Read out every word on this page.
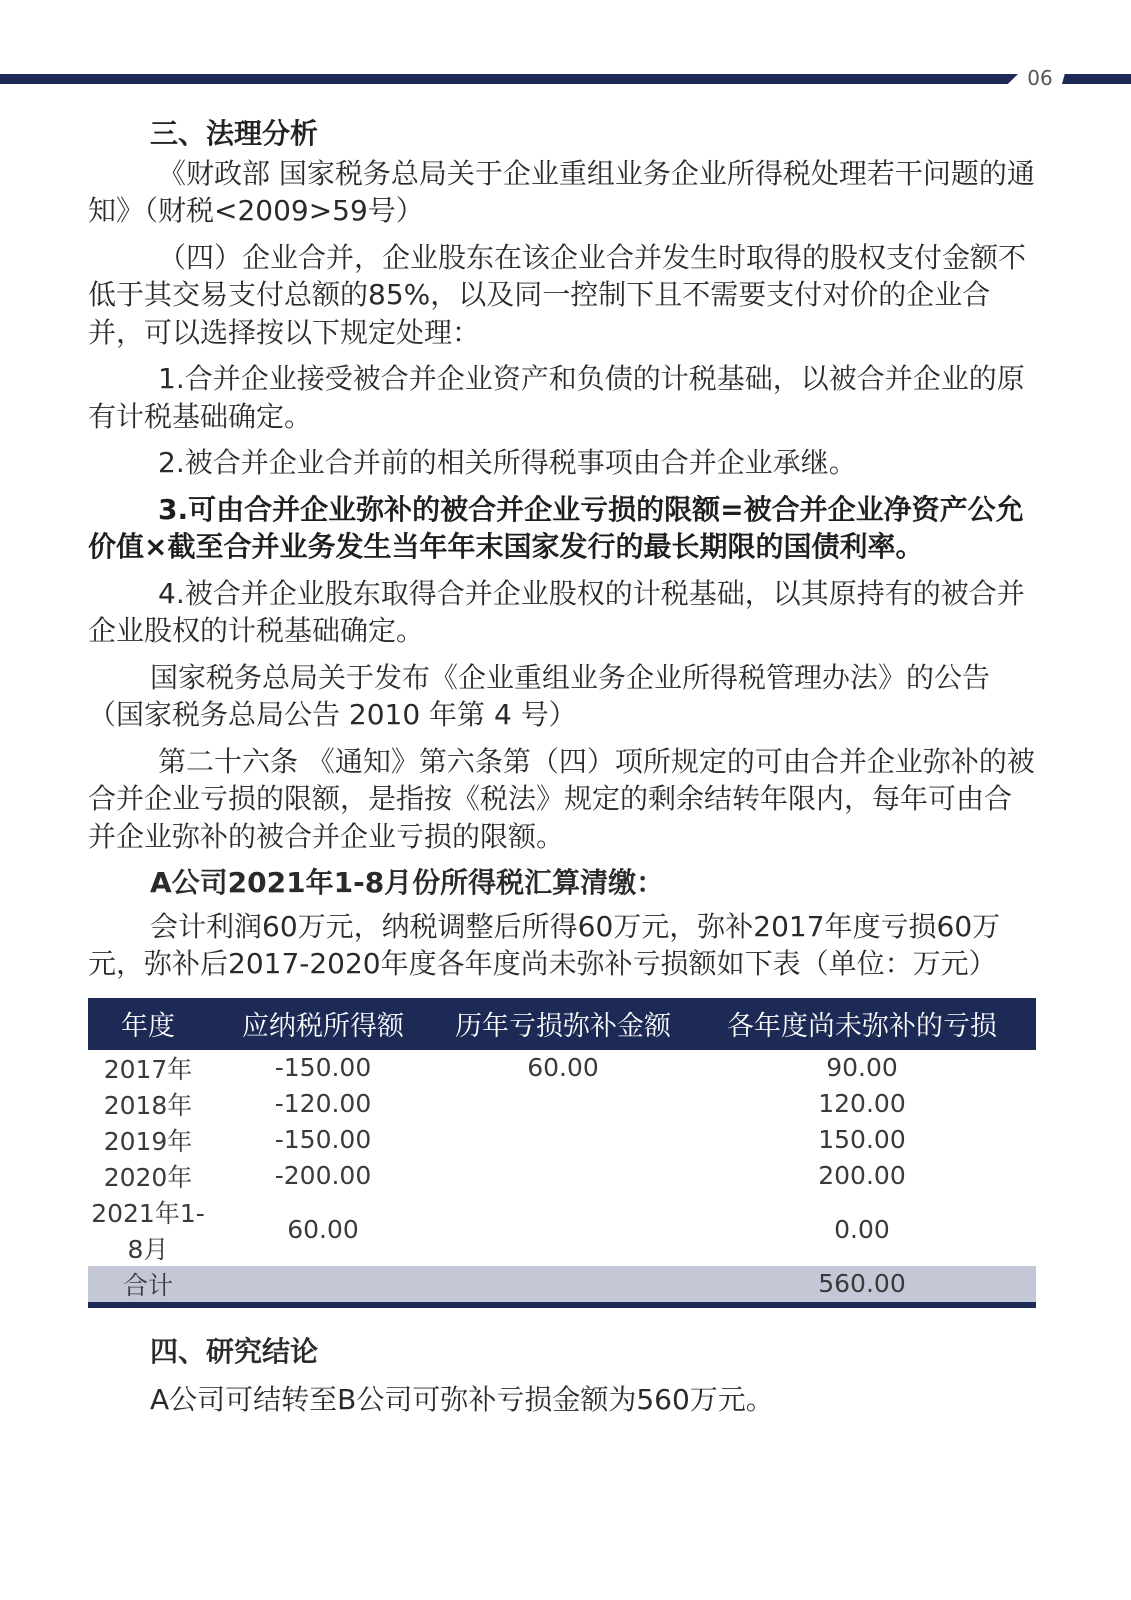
06

三、法理分析

《财政部 国家税务总局关于企业重组业务企业所得税处理若干问题的通知》（财税<2009>59号）

（四）企业合并，企业股东在该企业合并发生时取得的股权支付金额不低于其交易支付总额的85%，以及同一控制下且不需要支付对价的企业合并，可以选择按以下规定处理：

1.合并企业接受被合并企业资产和负债的计税基础，以被合并企业的原有计税基础确定。

2.被合并企业合并前的相关所得税事项由合并企业承继。

3.可由合并企业弥补的被合并企业亏损的限额=被合并企业净资产公允价值×截至合并业务发生当年年末国家发行的最长期限的国债利率。

4.被合并企业股东取得合并企业股权的计税基础，以其原持有的被合并企业股权的计税基础确定。

国家税务总局关于发布《企业重组业务企业所得税管理办法》的公告（国家税务总局公告 2010 年第 4 号）

第二十六条 《通知》第六条第（四）项所规定的可由合并企业弥补的被合并企业亏损的限额，是指按《税法》规定的剩余结转年限内，每年可由合并企业弥补的被合并企业亏损的限额。

A公司2021年1-8月份所得税汇算清缴：

会计利润60万元，纳税调整后所得60万元，弥补2017年度亏损60万元，弥补后2017-2020年度各年度尚未弥补亏损额如下表（单位：万元）

年度	应纳税所得额	历年亏损弥补金额	各年度尚未弥补的亏损
2017年	-150.00	60.00	90.00
2018年	-120.00		120.00
2019年	-150.00		150.00
2020年	-200.00		200.00
2021年1-8月	60.00		0.00
合计			560.00

四、研究结论

A公司可结转至B公司可弥补亏损金额为560万元。
